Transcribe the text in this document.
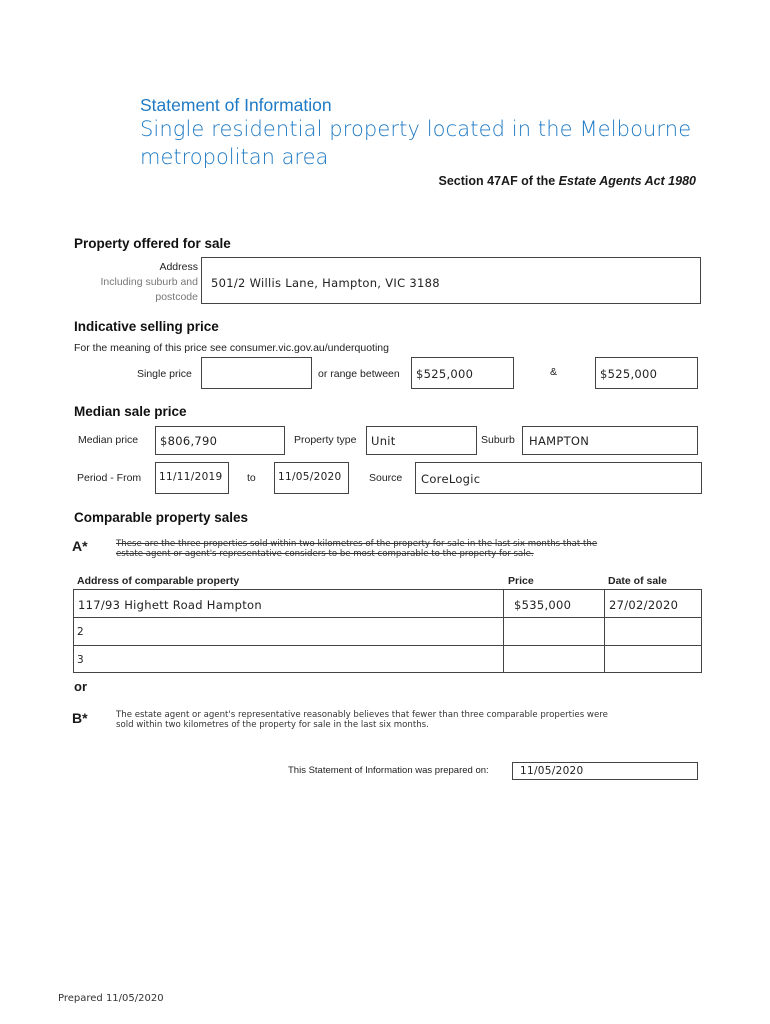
Statement of Information
Single residential property located in the Melbourne
metropolitan area
Section 47AF of the Estate Agents Act 1980
Property offered for sale
Address
Including suburb and
postcode
501/2 Willis Lane, Hampton, VIC 3188
Indicative selling price
For the meaning of this price see consumer.vic.gov.au/underquoting
Single price	or range between $525,000	&	$525,000
Median sale price
Median price $806,790	Property type Unit	Suburb HAMPTON
Period - From 11/11/2019 to 11/05/2020	Source CoreLogic
Comparable property sales
A*	These are the three properties sold within two kilometres of the property for sale in the last six months that the
estate agent or agent's representative considers to be most comparable to the property for sale.
Address of comparable property	Price	Date of sale
117/93 Highett Road Hampton	$535,000	27/02/2020
2
3
or
B*	The estate agent or agent's representative reasonably believes that fewer than three comparable properties were
sold within two kilometres of the property for sale in the last six months.
This Statement of Information was prepared on:	11/05/2020
Prepared 11/05/2020
